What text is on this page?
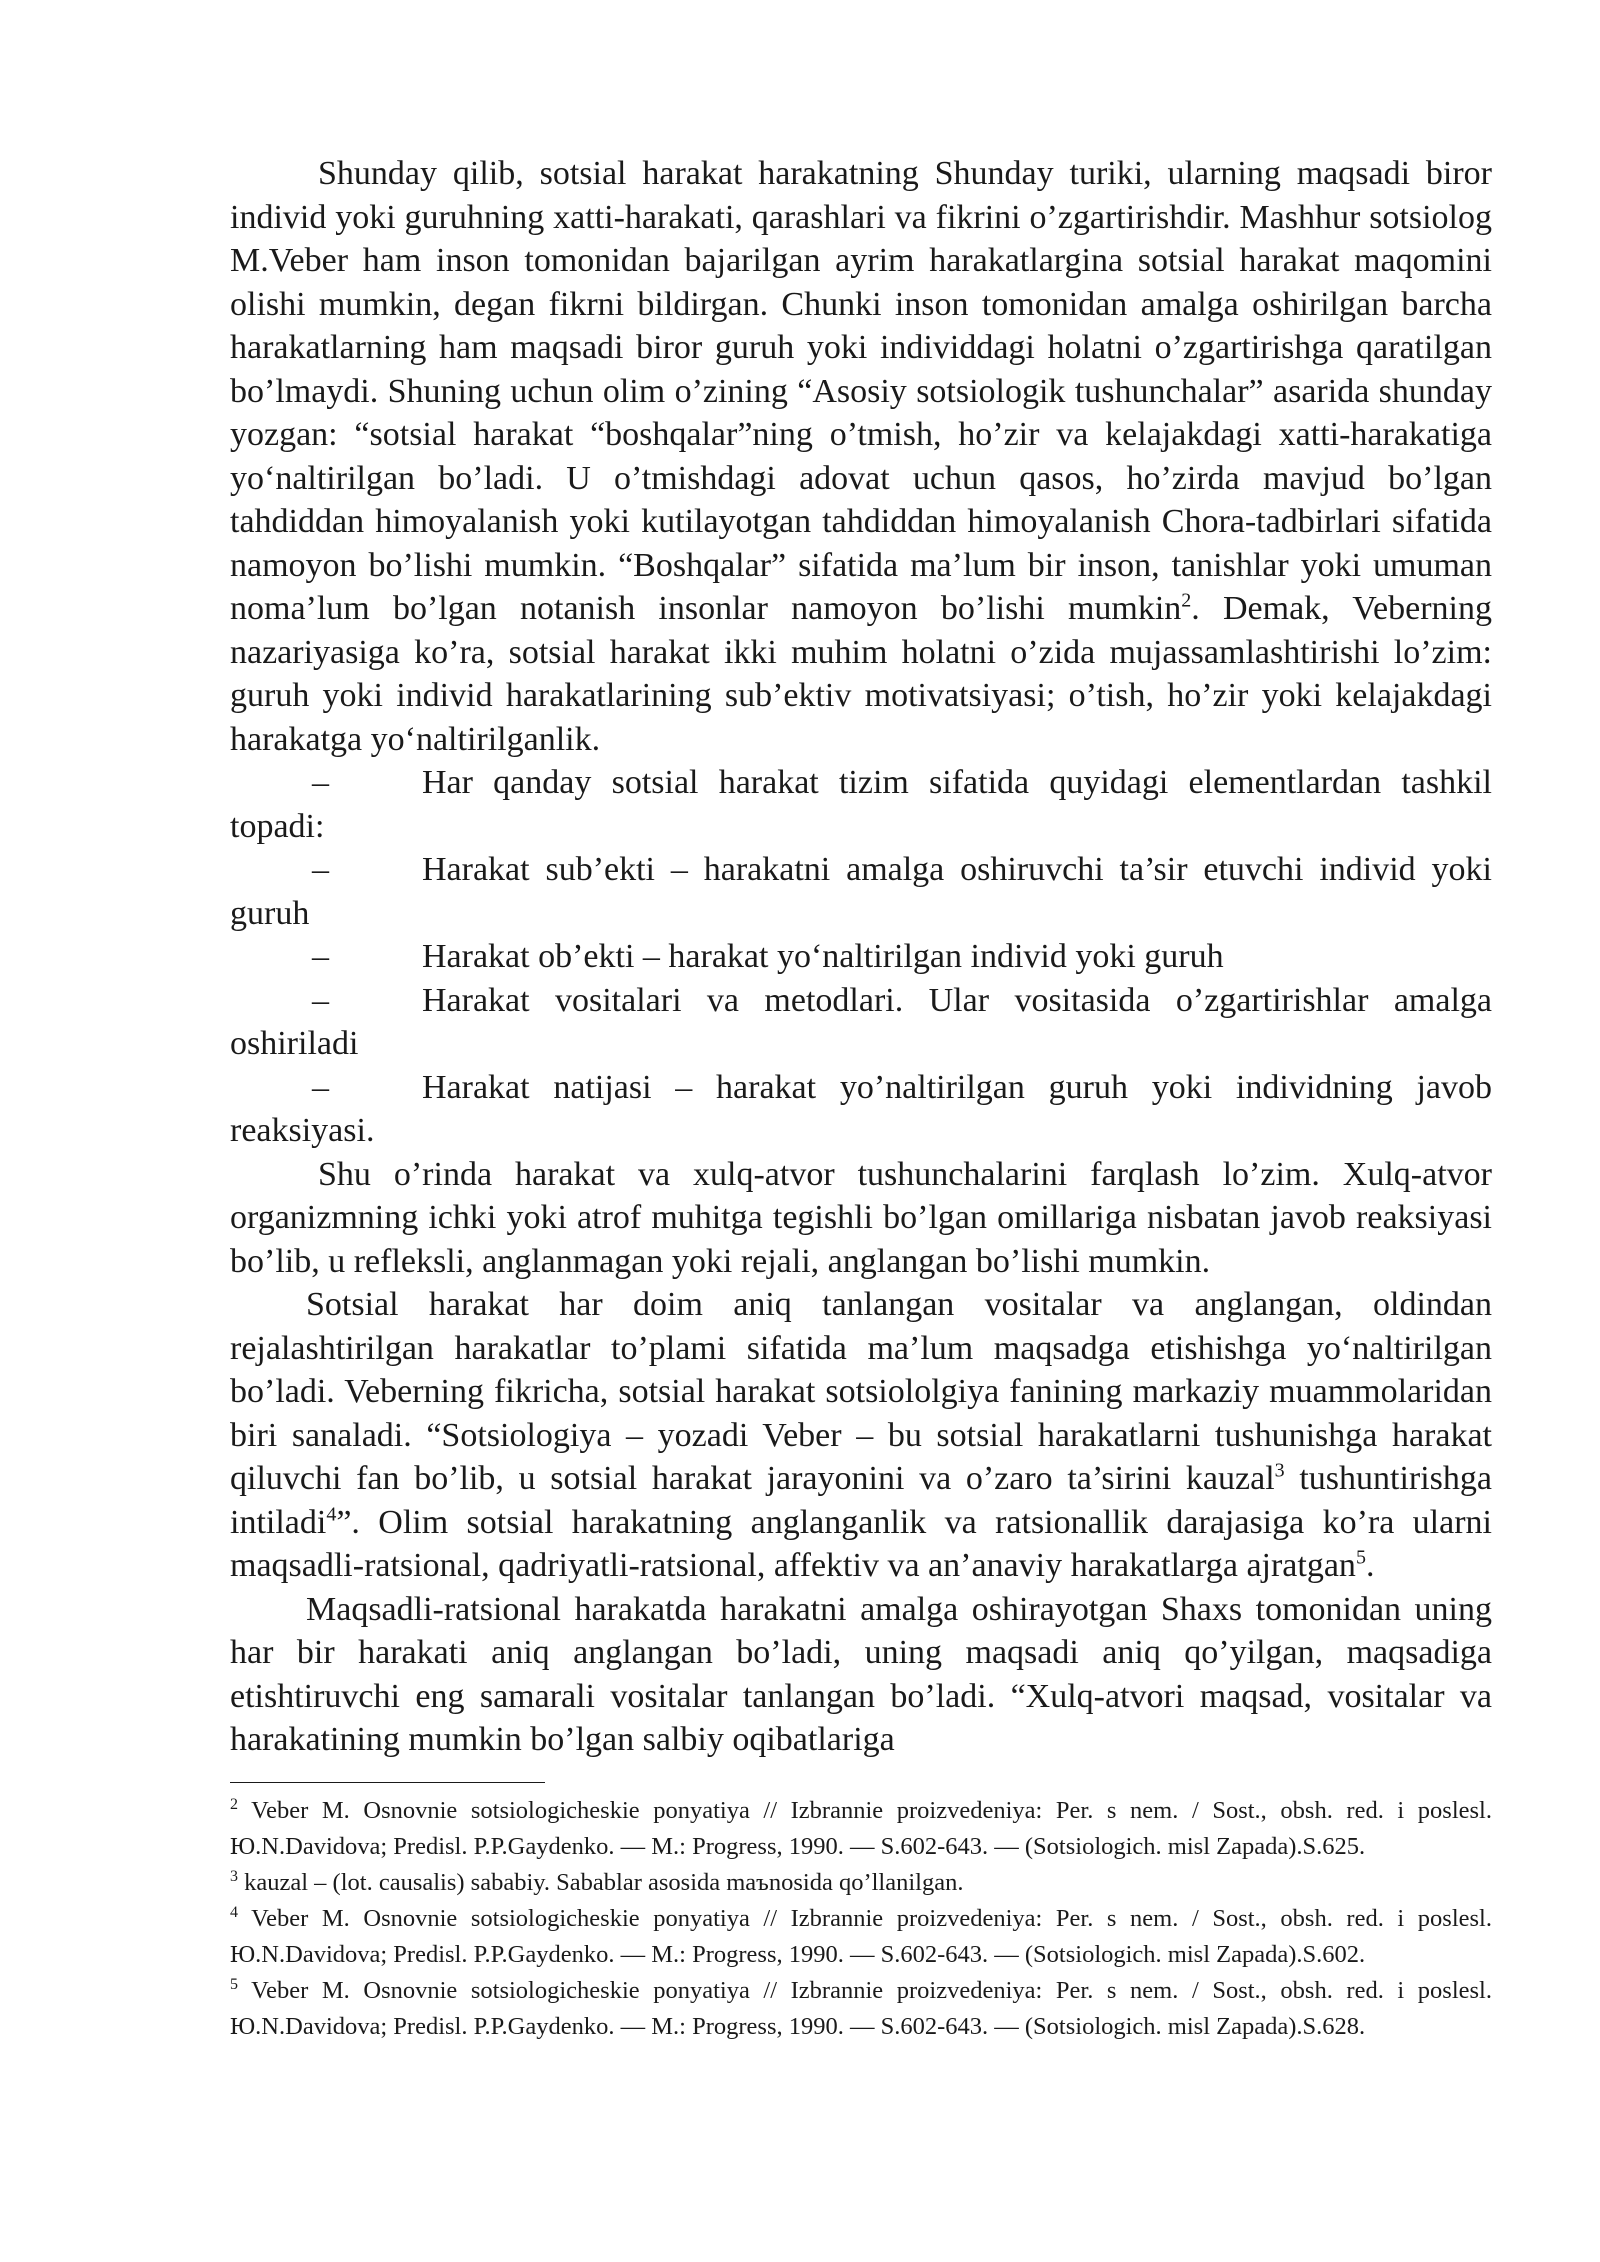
Shunday qilib, sotsial harakat harakatning Shunday turiki, ularning maqsadi biror individ yoki guruhning xatti-harakati, qarashlari va fikrini o’zgartirishdir. Mashhur sotsiolog M.Veber ham inson tomonidan bajarilgan ayrim harakatlargina sotsial harakat maqomini olishi mumkin, degan fikrni bildirgan. Chunki inson tomonidan amalga oshirilgan barcha harakatlarning ham maqsadi biror guruh yoki individdagi holatni o’zgartirishga qaratilgan bo’lmaydi. Shuning uchun olim o’zining “Asosiy sotsiologik tushunchalar” asarida shunday yozgan: “sotsial harakat “boshqalar”ning o’tmish, ho’zir va kelajakdagi xatti-harakatiga yo‘naltirilgan bo’ladi. U o’tmishdagi adovat uchun qasos, ho’zirda mavjud bo’lgan tahdiddan himoyalanish yoki kutilayotgan tahdiddan himoyalanish Chora-tadbirlari sifatida namoyon bo’lishi mumkin. “Boshqalar” sifatida ma’lum bir inson, tanishlar yoki umuman noma’lum bo’lgan notanish insonlar namoyon bo’lishi mumkin$^2$. Demak, Veberning nazariyasiga ko’ra, sotsial harakat ikki muhim holatni o’zida mujassamlashtirishi lo’zim: guruh yoki individ harakatlarining sub’ektiv motivatsiyasi; o’tish, ho’zir yoki kelajakdagi harakatga yo‘naltirilganlik.

–	Har qanday sotsial harakat tizim sifatida quyidagi elementlardan tashkil topadi:

–	Harakat sub’ekti – harakatni amalga oshiruvchi ta’sir etuvchi individ yoki guruh

–	Harakat ob’ekti – harakat yo‘naltirilgan individ yoki guruh

–	Harakat vositalari va metodlari. Ular vositasida o’zgartirishlar amalga oshiriladi

–	Harakat natijasi – harakat yo’naltirilgan guruh yoki individning javob reaksiyasi.

Shu o’rinda harakat va xulq-atvor tushunchalarini farqlash lo’zim. Xulq-atvor organizmning ichki yoki atrof muhitga tegishli bo’lgan omillariga nisbatan javob reaksiyasi bo’lib, u refleksli, anglanmagan yoki rejali, anglangan bo’lishi mumkin.

Sotsial harakat har doim aniq tanlangan vositalar va anglangan, oldindan rejalashtirilgan harakatlar to’plami sifatida ma’lum maqsadga etishishga yo‘naltirilgan bo’ladi. Veberning fikricha, sotsial harakat sotsiololgiya fanining markaziy muammolaridan biri sanaladi. “Sotsiologiya – yozadi Veber – bu sotsial harakatlarni tushunishga harakat qiluvchi fan bo’lib, u sotsial harakat jarayonini va o’zaro ta’sirini kauzal$^3$ tushuntirishga intiladi$^4$”. Olim sotsial harakatning anglanganlik va ratsionallik darajasiga ko’ra ularni maqsadli-ratsional, qadriyatli-ratsional, affektiv va an’anaviy harakatlarga ajratgan$^5$.

Maqsadli-ratsional harakatda harakatni amalga oshirayotgan Shaxs tomonidan uning har bir harakati aniq anglangan bo’ladi, uning maqsadi aniq qo’yilgan, maqsadiga etishtiruvchi eng samarali vositalar tanlangan bo’ladi. “Xulq-atvori maqsad, vositalar va harakatining mumkin bo’lgan salbiy oqibatlariga

$^2$ Veber M. Osnovnie sotsiologicheskie ponyatiya // Izbrannie proizvedeniya: Per. s nem. / Sost., obsh. red. i poslesl. Ю.N.Davidova; Predisl. P.P.Gaydenko. — M.: Progress, 1990. — S.602-643. — (Sotsiologich. misl Zapada).S.625.

$^3$ kauzal – (lot. causalis) sababiy. Sabablar asosida maъnosida qo’llanilgan.

$^4$ Veber M. Osnovnie sotsiologicheskie ponyatiya // Izbrannie proizvedeniya: Per. s nem. / Sost., obsh. red. i poslesl. Ю.N.Davidova; Predisl. P.P.Gaydenko. — M.: Progress, 1990. — S.602-643. — (Sotsiologich. misl Zapada).S.602.

$^5$ Veber M. Osnovnie sotsiologicheskie ponyatiya // Izbrannie proizvedeniya: Per. s nem. / Sost., obsh. red. i poslesl. Ю.N.Davidova; Predisl. P.P.Gaydenko. — M.: Progress, 1990. — S.602-643. — (Sotsiologich. misl Zapada).S.628.
